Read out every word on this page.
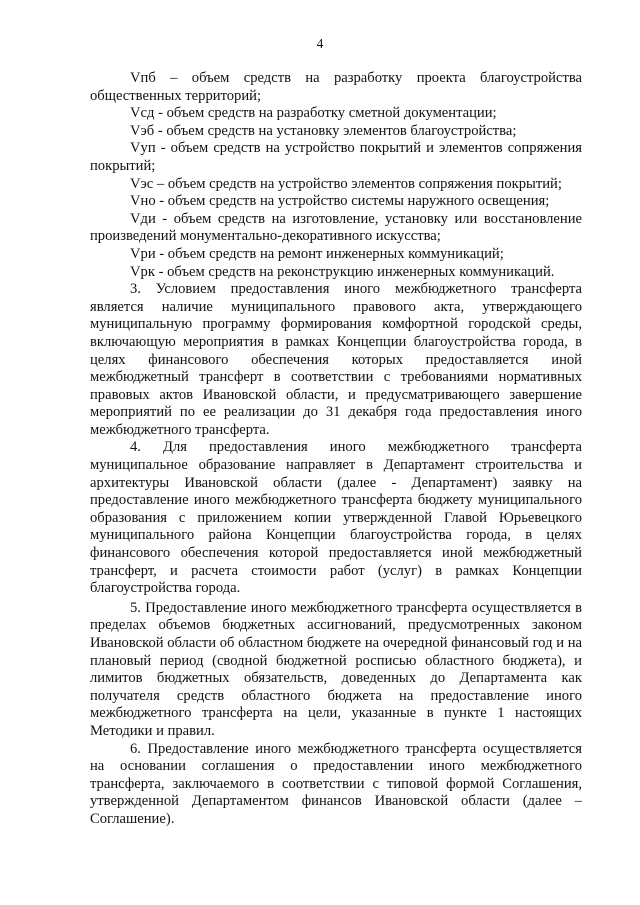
4

Vпб – объем средств на разработку проекта благоустройства общественных территорий;

Vсд - объем средств на разработку сметной документации;

Vэб - объем средств на установку элементов благоустройства;

Vуп - объем средств на устройство покрытий и элементов сопряжения покрытий;

Vэс – объем средств на устройство элементов сопряжения покрытий;

Vно - объем средств на устройство системы наружного освещения;

Vди - объем средств на изготовление, установку или восстановление произведений монументально-декоративного искусства;

Vри - объем средств на ремонт инженерных коммуникаций;

Vрк - объем средств на реконструкцию инженерных коммуникаций.

3. Условием предоставления иного межбюджетного трансферта является наличие муниципального правового акта, утверждающего муниципальную программу формирования комфортной городской среды, включающую мероприятия в рамках Концепции благоустройства города, в целях финансового обеспечения которых предоставляется иной межбюджетный трансферт в соответствии с требованиями нормативных правовых актов Ивановской области, и предусматривающего завершение мероприятий по ее реализации до 31 декабря года предоставления иного межбюджетного трансферта.

4. Для предоставления иного межбюджетного трансферта муниципальное образование направляет в Департамент строительства и архитектуры Ивановской области (далее - Департамент) заявку на предоставление иного межбюджетного трансферта бюджету муниципального образования с приложением копии утвержденной Главой Юрьевецкого муниципального района Концепции благоустройства города, в целях финансового обеспечения которой предоставляется иной межбюджетный трансферт, и расчета стоимости работ (услуг) в рамках Концепции благоустройства города.

5. Предоставление иного межбюджетного трансферта осуществляется в пределах объемов бюджетных ассигнований, предусмотренных законом Ивановской области об областном бюджете на очередной финансовый год и на плановый период (сводной бюджетной росписью областного бюджета), и лимитов бюджетных обязательств, доведенных до Департамента как получателя средств областного бюджета на предоставление иного межбюджетного трансферта на цели, указанные в пункте 1 настоящих Методики и правил.

6. Предоставление иного межбюджетного трансферта осуществляется на основании соглашения о предоставлении иного межбюджетного трансферта, заключаемого в соответствии с типовой формой Соглашения, утвержденной Департаментом финансов Ивановской области (далее – Соглашение).
